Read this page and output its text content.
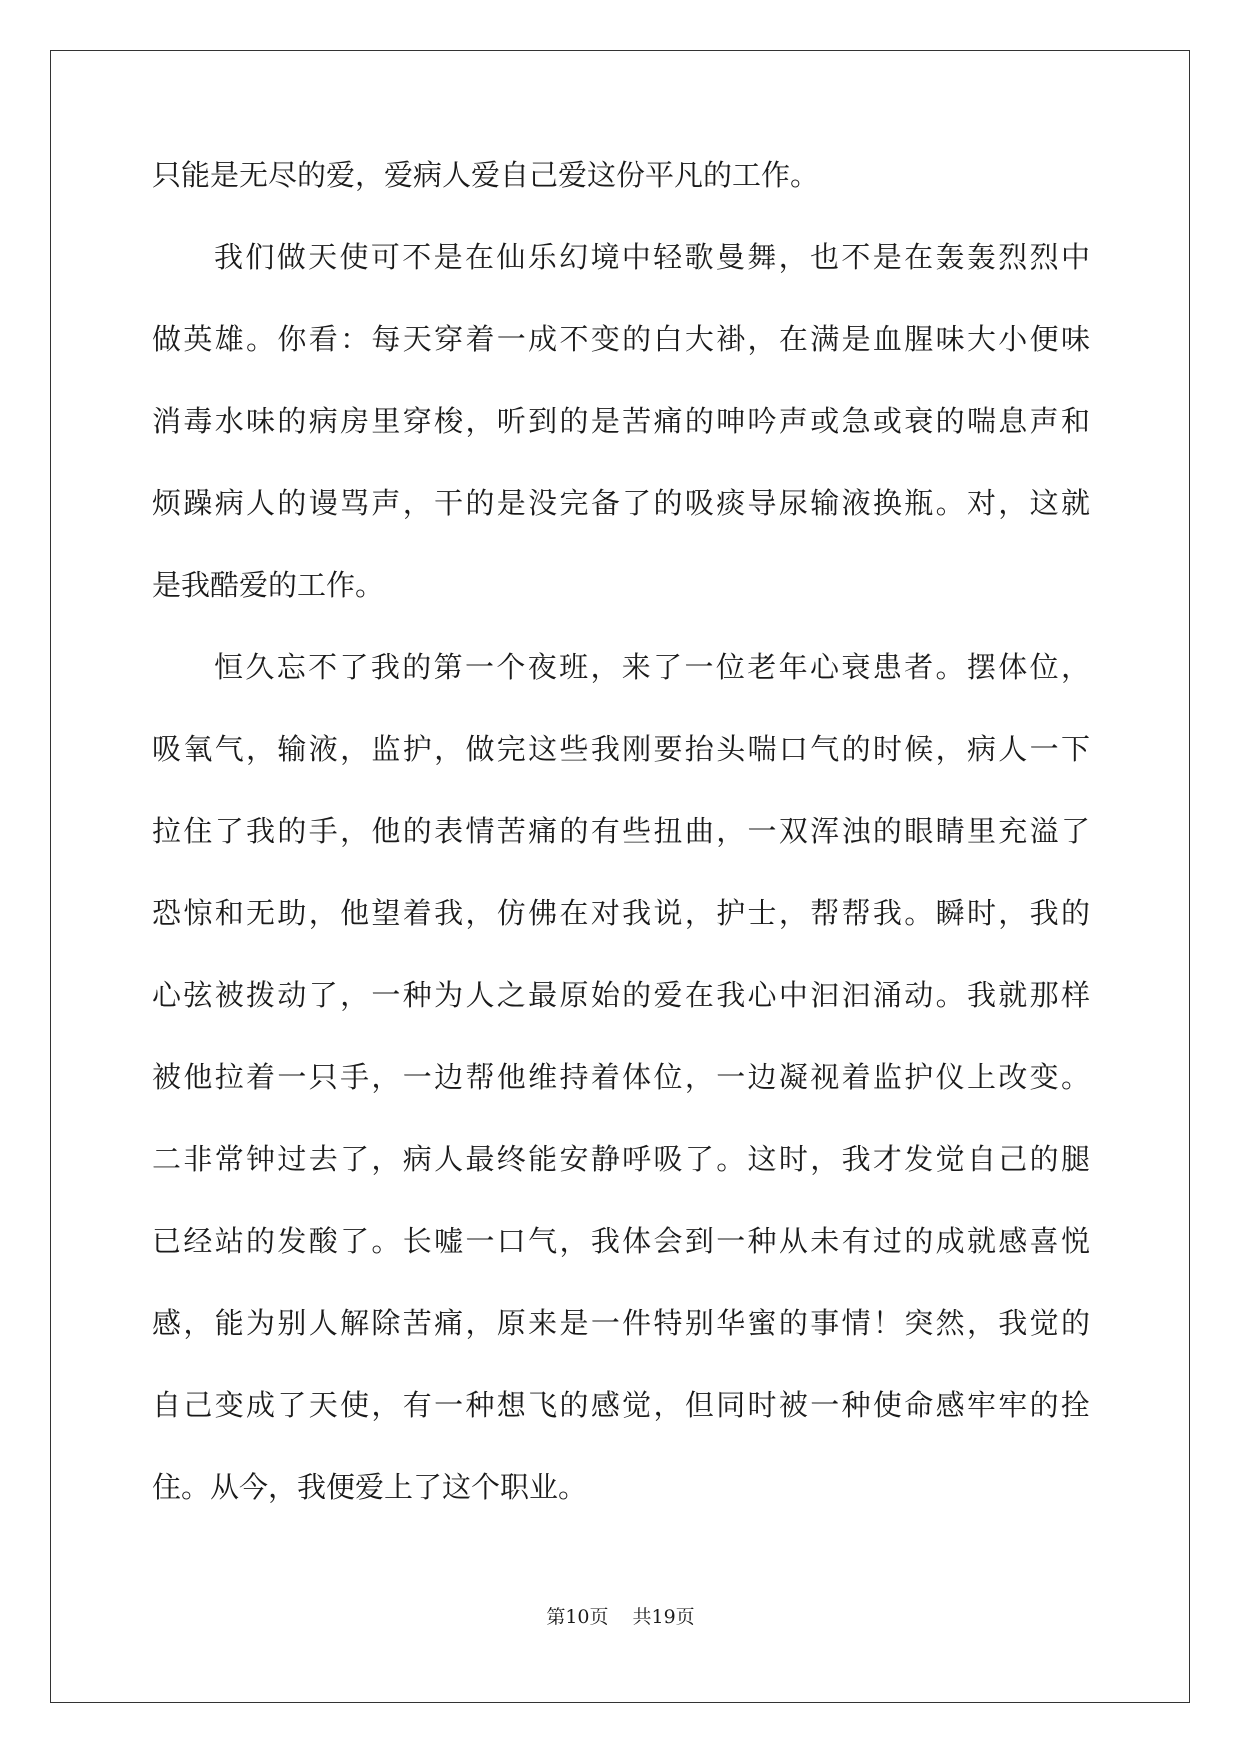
只能是无尽的爱，爱病人爱自己爱这份平凡的工作。
我们做天使可不是在仙乐幻境中轻歌曼舞，也不是在轰轰烈烈中
做英雄。你看：每天穿着一成不变的白大褂，在满是血腥味大小便味
消毒水味的病房里穿梭，听到的是苦痛的呻吟声或急或衰的喘息声和
烦躁病人的谩骂声，干的是没完备了的吸痰导尿输液换瓶。对，这就
是我酷爱的工作。
恒久忘不了我的第一个夜班，来了一位老年心衰患者。摆体位，
吸氧气，输液，监护，做完这些我刚要抬头喘口气的时候，病人一下
拉住了我的手，他的表情苦痛的有些扭曲，一双浑浊的眼睛里充溢了
恐惊和无助，他望着我，仿佛在对我说，护士，帮帮我。瞬时，我的
心弦被拨动了，一种为人之最原始的爱在我心中汩汩涌动。我就那样
被他拉着一只手，一边帮他维持着体位，一边凝视着监护仪上改变。
二非常钟过去了，病人最终能安静呼吸了。这时，我才发觉自己的腿
已经站的发酸了。长嘘一口气，我体会到一种从未有过的成就感喜悦
感，能为别人解除苦痛，原来是一件特别华蜜的事情！突然，我觉的
自己变成了天使，有一种想飞的感觉，但同时被一种使命感牢牢的拴
住。从今，我便爱上了这个职业。
第10页 共19页
